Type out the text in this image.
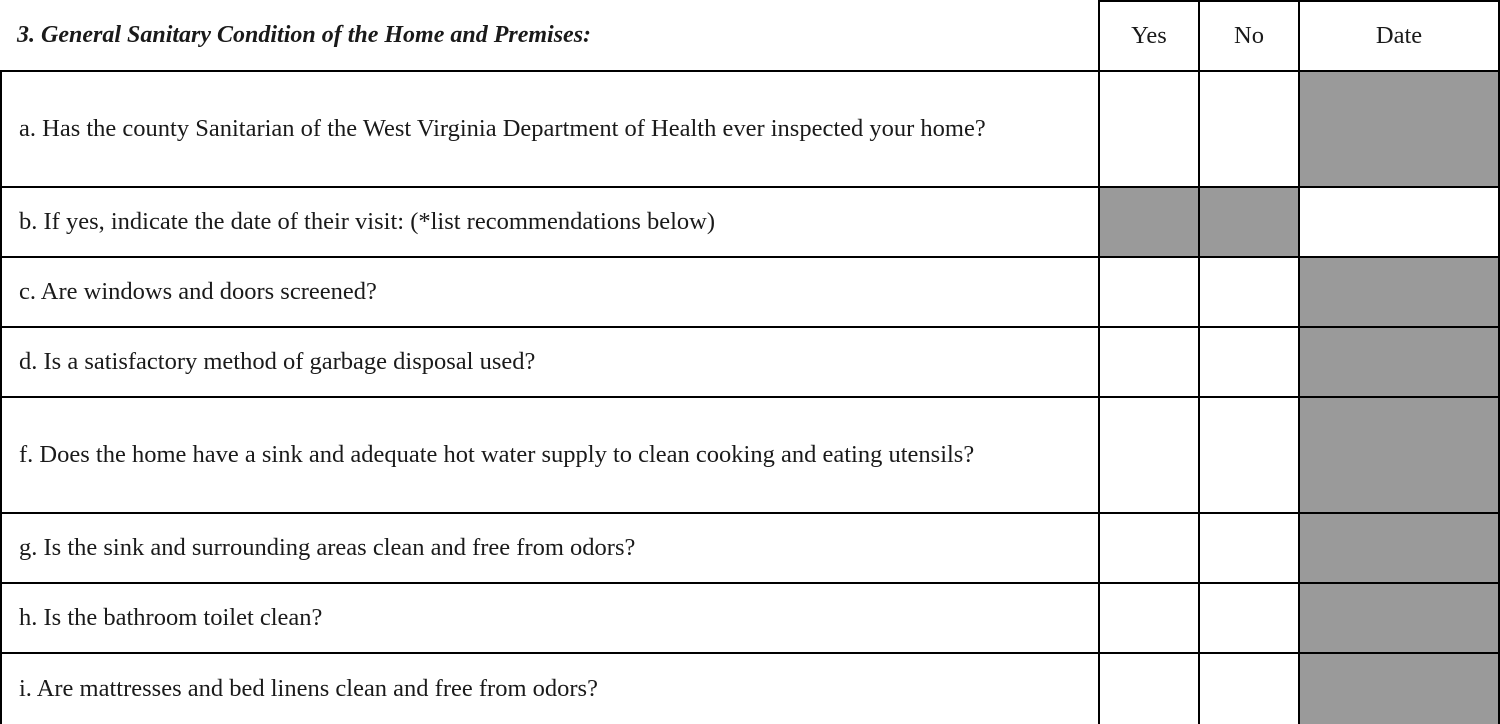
3. General Sanitary Condition of the Home and Premises:	Yes	No	Date
a. Has the county Sanitarian of the West Virginia Department of Health ever inspected your home?
b. If yes, indicate the date of their visit: (*list recommendations below)
c. Are windows and doors screened?
d. Is a satisfactory method of garbage disposal used?
f. Does the home have a sink and adequate hot water supply to clean cooking and eating utensils?
g. Is the sink and surrounding areas clean and free from odors?
h. Is the bathroom toilet clean?
i. Are mattresses and bed linens clean and free from odors?
